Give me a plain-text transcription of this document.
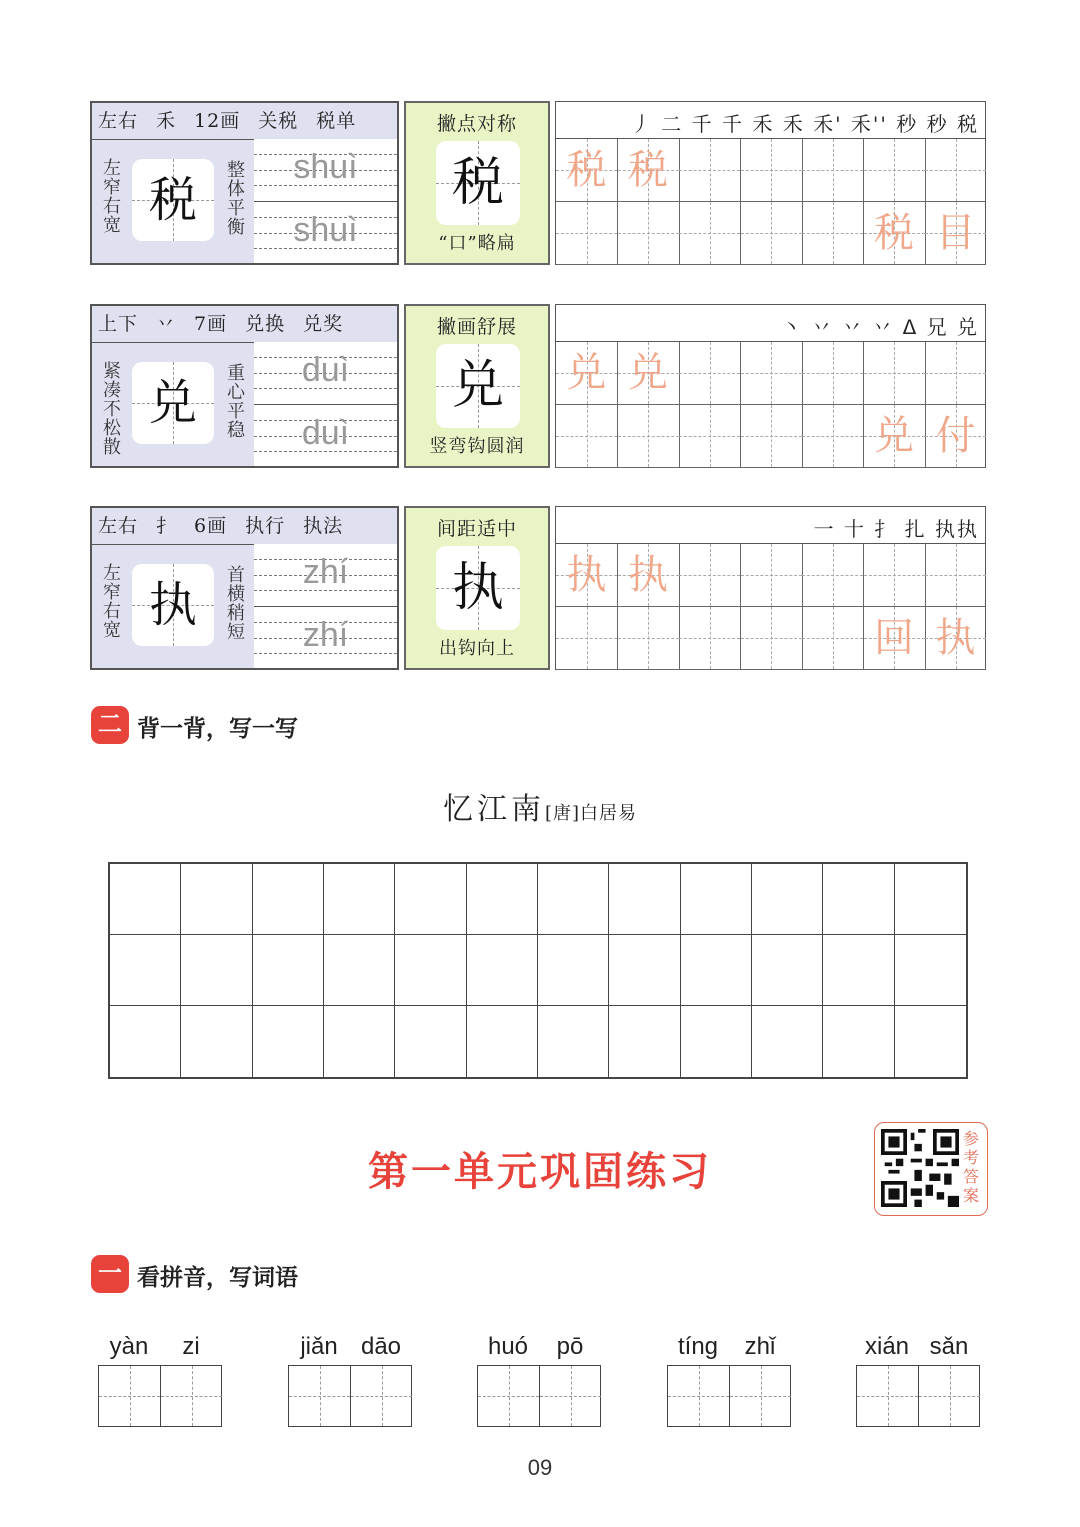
左右 禾 12画 关税 税单
左窄右宽 税
整体平衡
shuì
shuì
撇点对称
税
“口”略扁
丿 二 千 千 禾 禾 禾' 禾'' 秒 秒 税
税 税
税 目
上下 丷 7画 兑换 兑奖
紧凑不松散
兑
重心平稳
duì
duì
撇画舒展
兑
竖弯钩圆润
丶 丷 丷 丷 ᐃ 兄 兑
兑 兑
兑 付
左右 扌 6画 执行 执法
左窄右宽 执
首横稍短
zhí
zhí
间距适中
执
出钩向上
一 十 扌 扎 执执
执 执
回 执
二 背一背，写一写
忆江南[唐]白居易
第一单元巩固练习
参考答案
一 看拼音，写词语
yàn	zi	jiǎn dāo	huó	pō	tíng	zhǐ	xián sǎn
09
